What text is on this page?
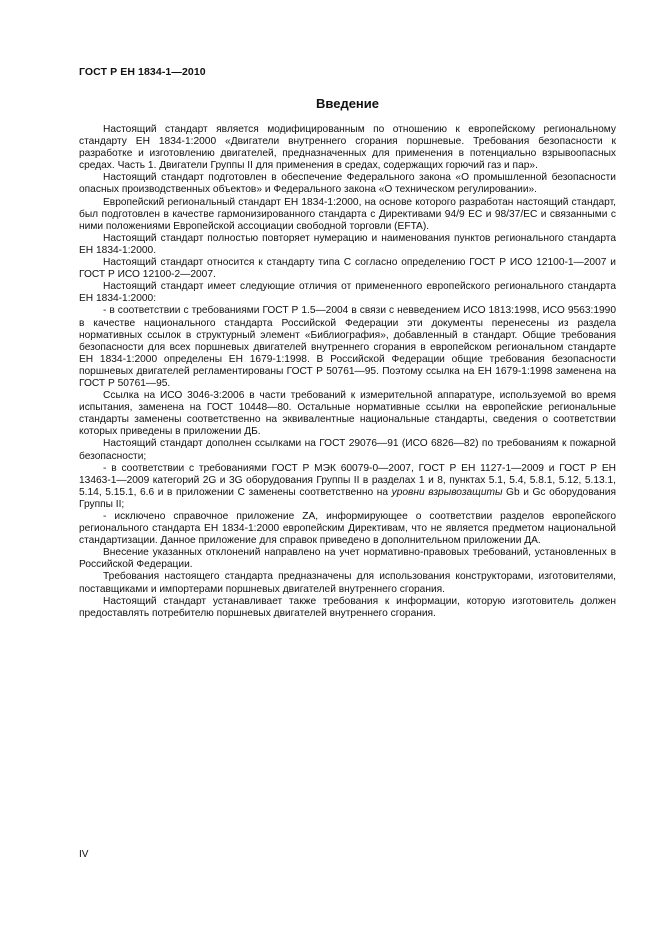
ГОСТ Р ЕН 1834-1—2010
Введение

Настоящий стандарт является модифицированным по отношению к европейскому региональному стандарту ЕН 1834-1:2000 «Двигатели внутреннего сгорания поршневые. Требования безопасности к разработке и изготовлению двигателей, предназначенных для применения в потенциально взрывоопасных средах. Часть 1. Двигатели Группы II для применения в средах, содержащих горючий газ и пар».

Настоящий стандарт подготовлен в обеспечение Федерального закона «О промышленной безопасности опасных производственных объектов» и Федерального закона «О техническом регулировании».

Европейский региональный стандарт ЕН 1834-1:2000, на основе которого разработан настоящий стандарт, был подготовлен в качестве гармонизированного стандарта с Директивами 94/9 ЕС и 98/37/ЕС и связанными с ними положениями Европейской ассоциации свободной торговли (EFTA).

Настоящий стандарт полностью повторяет нумерацию и наименования пунктов регионального стандарта ЕН 1834-1:2000.

Настоящий стандарт относится к стандарту типа С согласно определению ГОСТ Р ИСО 12100-1—2007 и ГОСТ Р ИСО 12100-2—2007.

Настоящий стандарт имеет следующие отличия от примененного европейского регионального стандарта ЕН 1834-1:2000:

- в соответствии с требованиями ГОСТ Р 1.5—2004 в связи с невведением ИСО 1813:1998, ИСО 9563:1990 в качестве национального стандарта Российской Федерации эти документы перенесены из раздела нормативных ссылок в структурный элемент «Библиография», добавленный в стандарт. Общие требования безопасности для всех поршневых двигателей внутреннего сгорания в европейском региональном стандарте ЕН 1834-1:2000 определены ЕН 1679-1:1998. В Российской Федерации общие требования безопасности поршневых двигателей регламентированы ГОСТ Р 50761—95. Поэтому ссылка на ЕН 1679-1:1998 заменена на ГОСТ Р 50761—95.

Ссылка на ИСО 3046-3:2006 в части требований к измерительной аппаратуре, используемой во время испытания, заменена на ГОСТ 10448—80. Остальные нормативные ссылки на европейские региональные стандарты заменены соответственно на эквивалентные национальные стандарты, сведения о соответствии которых приведены в приложении ДБ.

Настоящий стандарт дополнен ссылками на ГОСТ 29076—91 (ИСО 6826—82) по требованиям к пожарной безопасности;

- в соответствии с требованиями ГОСТ Р МЭК 60079-0—2007, ГОСТ Р ЕН 1127-1—2009 и ГОСТ Р ЕН 13463-1—2009 категорий 2G и 3G оборудования Группы II в разделах 1 и 8, пунктах 5.1, 5.4, 5.8.1, 5.12, 5.13.1, 5.14, 5.15.1, 6.6 и в приложении С заменены соответственно на уровни взрывозащиты Gb и Gc оборудования Группы II;

- исключено справочное приложение ZA, информирующее о соответствии разделов европейского регионального стандарта ЕН 1834-1:2000 европейским Директивам, что не является предметом национальной стандартизации. Данное приложение для справок приведено в дополнительном приложении ДА.

Внесение указанных отклонений направлено на учет нормативно-правовых требований, установленных в Российской Федерации.

Требования настоящего стандарта предназначены для использования конструкторами, изготовителями, поставщиками и импортерами поршневых двигателей внутреннего сгорания.

Настоящий стандарт устанавливает также требования к информации, которую изготовитель должен предоставлять потребителю поршневых двигателей внутреннего сгорания.

IV
